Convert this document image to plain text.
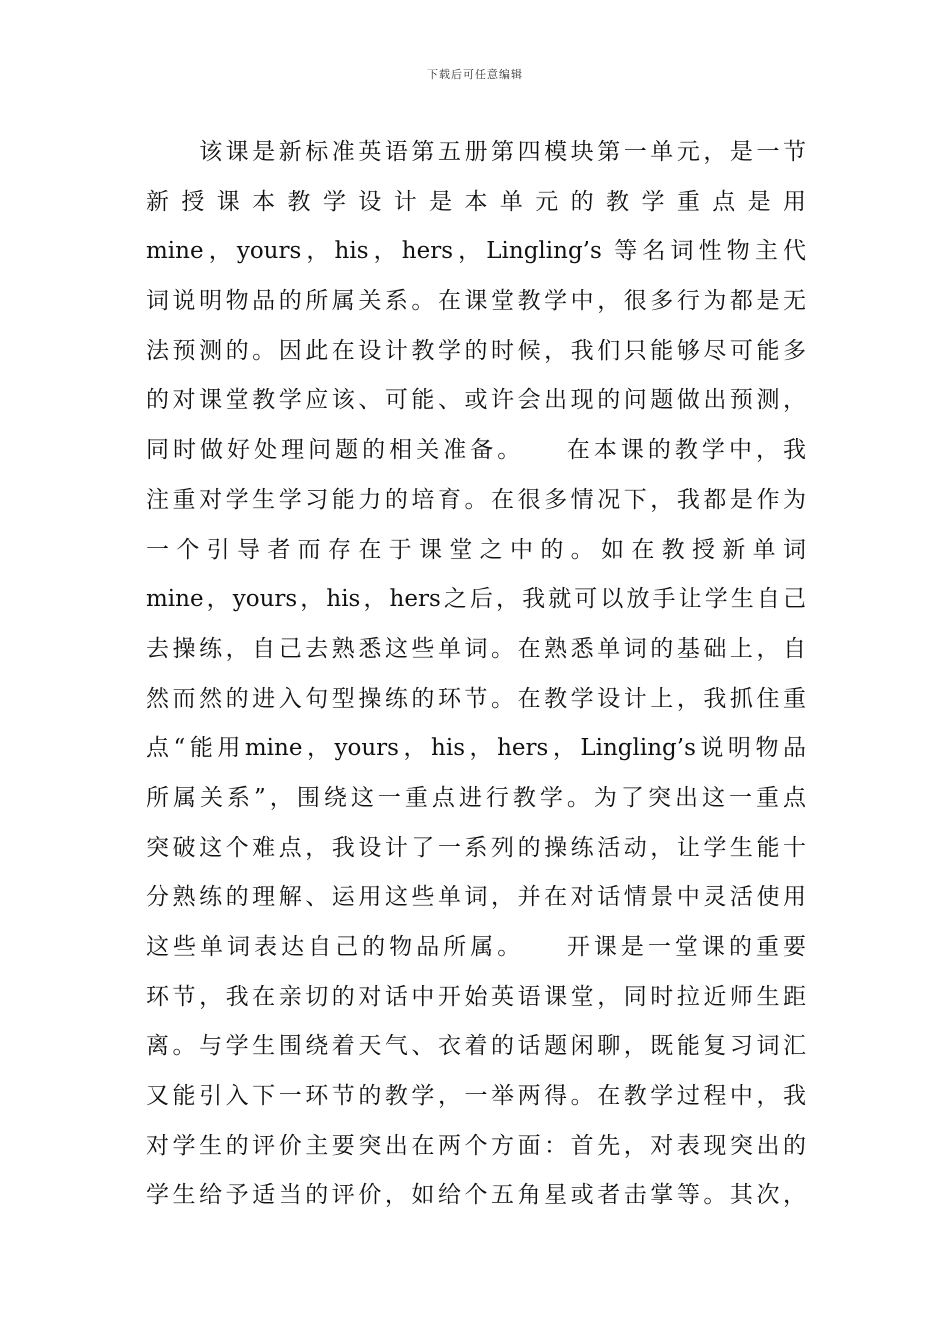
下载后可任意编辑
　　该课是新标准英语第五册第四模块第一单元，是一节
新授课本教学设计是本单元的教学重点是用
mine，yours，his，hers，Lingling’s 等名词性物主代
词说明物品的所属关系。在课堂教学中，很多行为都是无
法预测的。因此在设计教学的时候，我们只能够尽可能多
的对课堂教学应该、可能、或许会出现的问题做出预测，
同时做好处理问题的相关准备。　　在本课的教学中，我
注重对学生学习能力的培育。在很多情况下，我都是作为
一个引导者而存在于课堂之中的。如在教授新单词
mine，yours，his，hers之后，我就可以放手让学生自己
去操练，自己去熟悉这些单词。在熟悉单词的基础上，自
然而然的进入句型操练的环节。在教学设计上，我抓住重
点“能用mine，yours，his，hers，Lingling’s说明物品
所属关系”，围绕这一重点进行教学。为了突出这一重点
突破这个难点，我设计了一系列的操练活动，让学生能十
分熟练的理解、运用这些单词，并在对话情景中灵活使用
这些单词表达自己的物品所属。　　开课是一堂课的重要
环节，我在亲切的对话中开始英语课堂，同时拉近师生距
离。与学生围绕着天气、衣着的话题闲聊，既能复习词汇
又能引入下一环节的教学，一举两得。在教学过程中，我
对学生的评价主要突出在两个方面：首先，对表现突出的
学生给予适当的评价，如给个五角星或者击掌等。其次，
